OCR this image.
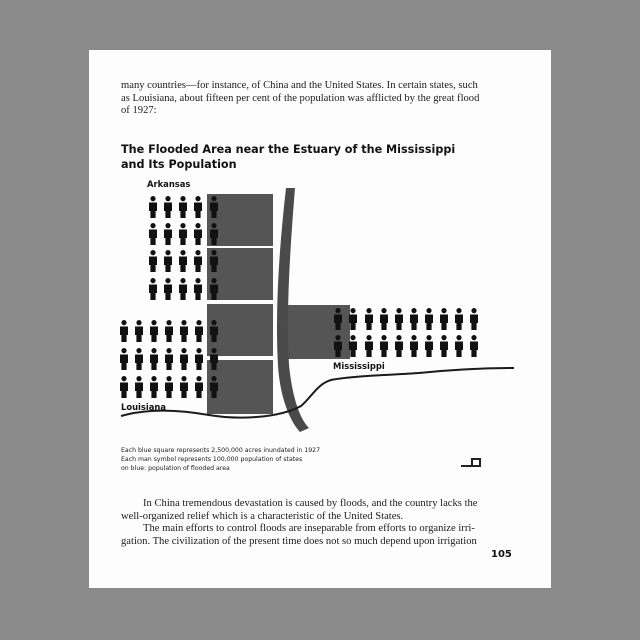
many countries—for instance, of China and the United States. In certain states, such
as Louisiana, about fifteen per cent of the population was afflicted by the great flood
of 1927:
The Flooded Area near the Estuary of the Mississippi
and Its Population
Arkansas
Mississippi
Louisiana
Each blue square represents 2,500,000 acres inundated in 1927
Each man symbol represents 100,000 population of states
on blue: population of flooded area
In China tremendous devastation is caused by floods, and the country lacks the
well-organized relief which is a characteristic of the United States.
The main efforts to control floods are inseparable from efforts to organize irri-
gation. The civilization of the present time does not so much depend upon irrigation
105
